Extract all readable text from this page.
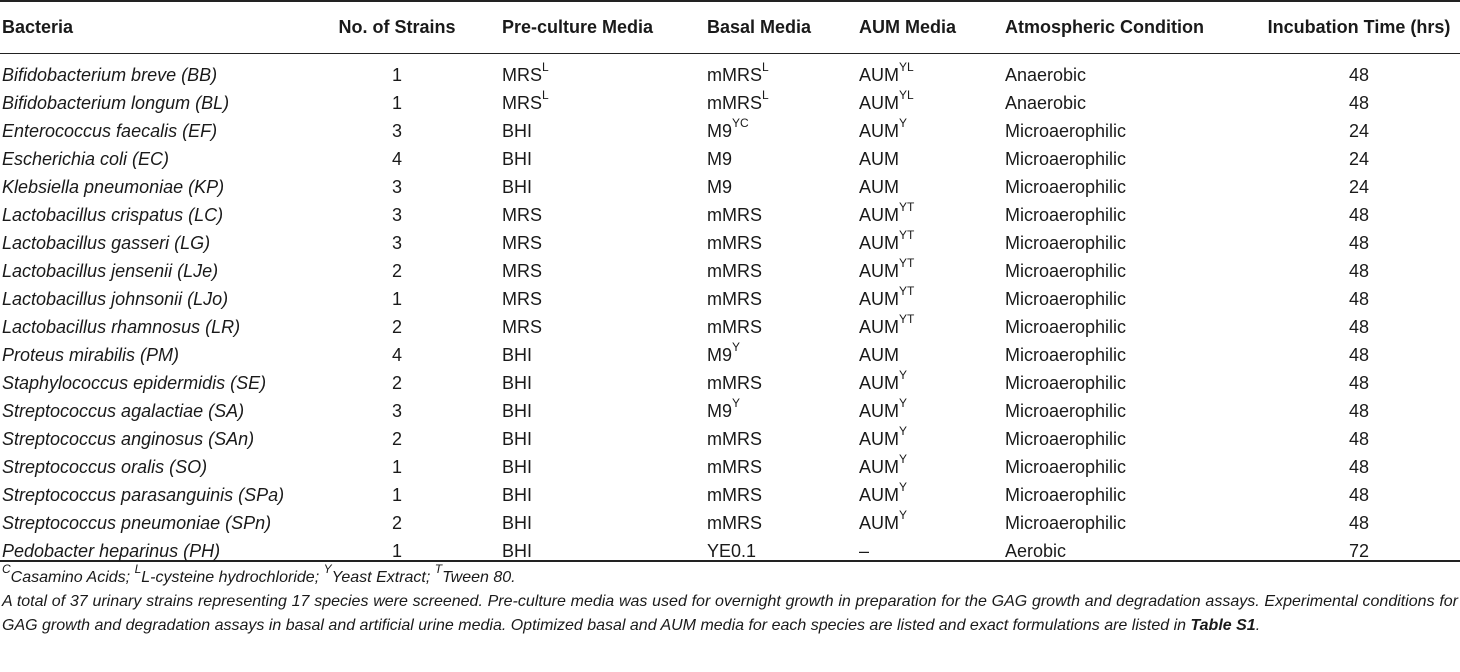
Bacteria	No. of Strains	Pre-culture Media	Basal Media	AUM Media	Atmospheric Condition	Incubation Time (hrs)
Bifidobacterium breve (BB)	1	$MRS^L$	mMRS$^L$	$AUM^{YL}$	Anaerobic	48
Bifidobacterium longum (BL)	1	$MRS^L$	mMRS$^L$	$AUM^{YL}$	Anaerobic	48
Enterococcus faecalis (EF)	3	BHI	$M9^{YC}$	$AUM^Y$	Microaerophilic	24
Escherichia coli (EC)	4	BHI	M9	AUM	Microaerophilic	24
Klebsiella pneumoniae (KP)	3	BHI	M9	AUM	Microaerophilic	24
Lactobacillus crispatus (LC)	3	MRS	mMRS	$AUM^{YT}$	Microaerophilic	48
Lactobacillus gasseri (LG)	3	MRS	mMRS	$AUM^{YT}$	Microaerophilic	48
Lactobacillus jensenii (LJe)	2	MRS	mMRS	$AUM^{YT}$	Microaerophilic	48
Lactobacillus johnsonii (LJo)	1	MRS	mMRS	$AUM^{YT}$	Microaerophilic	48
Lactobacillus rhamnosus (LR)	2	MRS	mMRS	$AUM^{YT}$	Microaerophilic	48
Proteus mirabilis (PM)	4	BHI	$M9^Y$	AUM	Microaerophilic	48
Staphylococcus epidermidis (SE)	2	BHI	mMRS	$AUM^Y$	Microaerophilic	48
Streptococcus agalactiae (SA)	3	BHI	$M9^Y$	$AUM^Y$	Microaerophilic	48
Streptococcus anginosus (SAn)	2	BHI	mMRS	$AUM^Y$	Microaerophilic	48
Streptococcus oralis (SO)	1	BHI	mMRS	$AUM^Y$	Microaerophilic	48
Streptococcus parasanguinis (SPa)	1	BHI	mMRS	$AUM^Y$	Microaerophilic	48
Streptococcus pneumoniae (SPn)	2	BHI	mMRS	$AUM^Y$	Microaerophilic	48
Pedobacter heparinus (PH)	1	BHI	YE0.1	–	Aerobic	72

$^C$Casamino Acids; $^L$L-cysteine hydrochloride; $^Y$Yeast Extract; $^T$Tween 80.

A total of 37 urinary strains representing 17 species were screened. Pre-culture media was used for overnight growth in preparation for the GAG growth and degradation assays. Experimental conditions for GAG growth and degradation assays in basal and artificial urine media. Optimized basal and AUM media for each species are listed and exact formulations are listed in Table S1.
